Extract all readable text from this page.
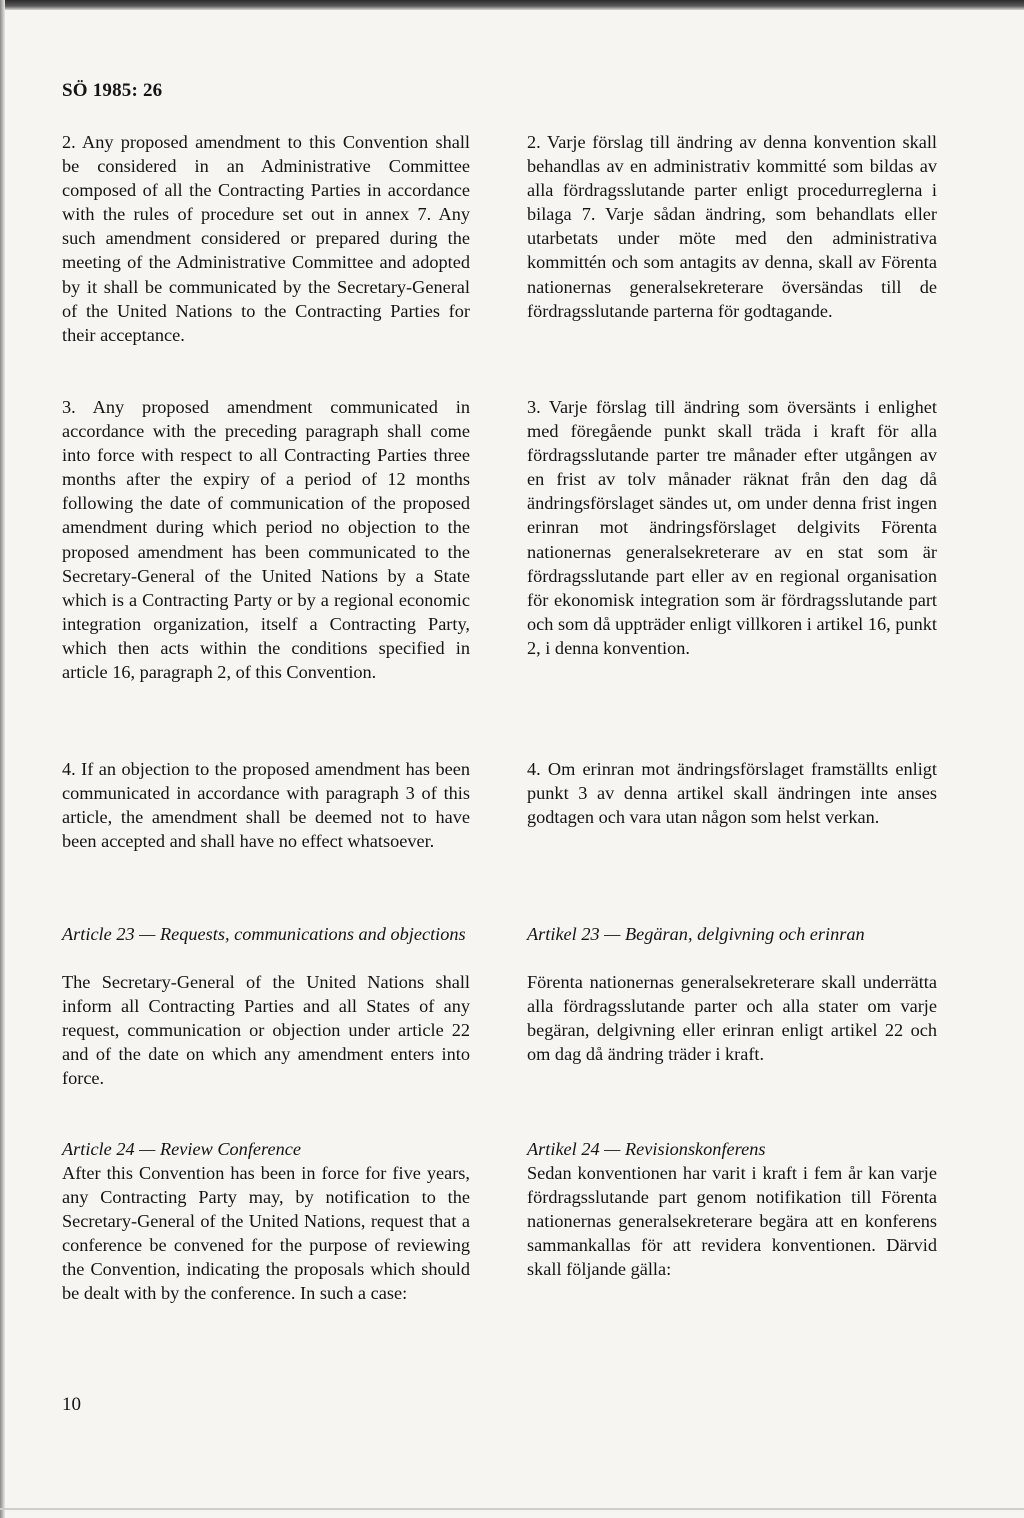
SÖ 1985: 26

2. Any proposed amendment to this Convention shall be considered in an Administrative Committee composed of all the Contracting Parties in accordance with the rules of procedure set out in annex 7. Any such amendment considered or prepared during the meeting of the Administrative Committee and adopted by it shall be communicated by the Secretary-General of the United Nations to the Contracting Parties for their acceptance.

3. Any proposed amendment communicated in accordance with the preceding paragraph shall come into force with respect to all Contracting Parties three months after the expiry of a period of 12 months following the date of communication of the proposed amendment during which period no objection to the proposed amendment has been communicated to the Secretary-General of the United Nations by a State which is a Contracting Party or by a regional economic integration organization, itself a Contracting Party, which then acts within the conditions specified in article 16, paragraph 2, of this Convention.

4. If an objection to the proposed amendment has been communicated in accordance with paragraph 3 of this article, the amendment shall be deemed not to have been accepted and shall have no effect whatsoever.

Article 23 — Requests, communications and objections

The Secretary-General of the United Nations shall inform all Contracting Parties and all States of any request, communication or objection under article 22 and of the date on which any amendment enters into force.

Article 24 — Review Conference

After this Convention has been in force for five years, any Contracting Party may, by notification to the Secretary-General of the United Nations, request that a conference be convened for the purpose of reviewing the Convention, indicating the proposals which should be dealt with by the conference. In such a case:

2. Varje förslag till ändring av denna konvention skall behandlas av en administrativ kommitté som bildas av alla fördragsslutande parter enligt procedurreglerna i bilaga 7. Varje sådan ändring, som behandlats eller utarbetats under möte med den administrativa kommittén och som antagits av denna, skall av Förenta nationernas generalsekreterare översändas till de fördragsslutande parterna för godtagande.

3. Varje förslag till ändring som översänts i enlighet med föregående punkt skall träda i kraft för alla fördragsslutande parter tre månader efter utgången av en frist av tolv månader räknat från den dag då ändringsförslaget sändes ut, om under denna frist ingen erinran mot ändringsförslaget delgivits Förenta nationernas generalsekreterare av en stat som är fördragsslutande part eller av en regional organisation för ekonomisk integration som är fördragsslutande part och som då uppträder enligt villkoren i artikel 16, punkt 2, i denna konvention.

4. Om erinran mot ändringsförslaget framställts enligt punkt 3 av denna artikel skall ändringen inte anses godtagen och vara utan någon som helst verkan.

Artikel 23 — Begäran, delgivning och erinran

Förenta nationernas generalsekreterare skall underrätta alla fördragsslutande parter och alla stater om varje begäran, delgivning eller erinran enligt artikel 22 och om dag då ändring träder i kraft.

Artikel 24 — Revisionskonferens

Sedan konventionen har varit i kraft i fem år kan varje fördragsslutande part genom notifikation till Förenta nationernas generalsekreterare begära att en konferens sammankallas för att revidera konventionen. Därvid skall följande gälla:

10
